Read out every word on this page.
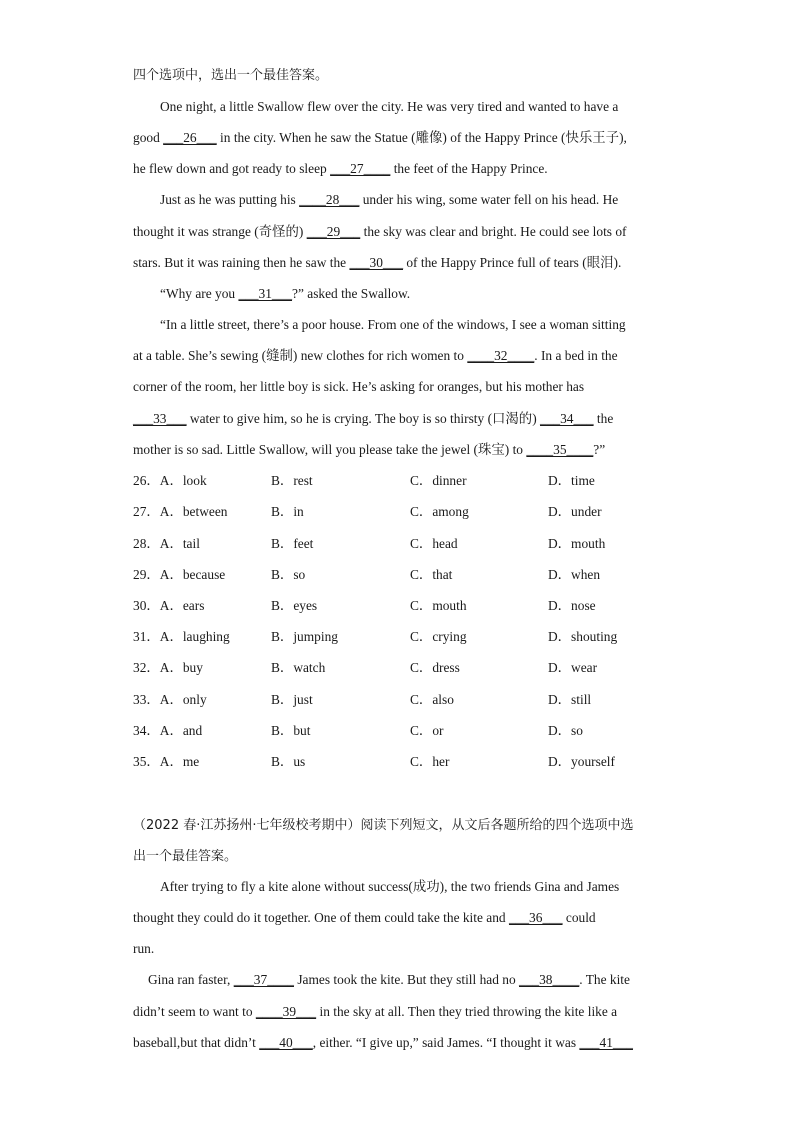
四个选项中，选出一个最佳答案。
One night, a little Swallow flew over the city. He was very tired and wanted to have a
good ___26___ in the city. When he saw the Statue (雕像) of the Happy Prince (快乐王子),
he flew down and got ready to sleep ___27____ the feet of the Happy Prince.
Just as he was putting his ____28___ under his wing, some water fell on his head. He
thought it was strange (奇怪的) ___29___ the sky was clear and bright. He could see lots of
stars. But it was raining then he saw the ___30___ of the Happy Prince full of tears (眼泪).
“Why are you ___31___?” asked the Swallow.
“In a little street, there’s a poor house. From one of the windows, I see a woman sitting
at a table. She’s sewing (缝制) new clothes for rich women to ____32____. In a bed in the
corner of the room, her little boy is sick. He’s asking for oranges, but his mother has
___33___ water to give him, so he is crying. The boy is so thirsty (口渴的) ___34___ the
mother is so sad. Little Swallow, will you please take the jewel (珠宝) to ____35____?”
26．A．look	B．rest	C．dinner	D．time
27．A．between	B．in	C．among	D．under
28．A．tail	B．feet	C．head	D．mouth
29．A．because	B．so	C．that	D．when
30．A．ears	B．eyes	C．mouth	D．nose
31．A．laughing	B．jumping	C．crying	D．shouting
32．A．buy	B．watch	C．dress	D．wear
33．A．only	B．just	C．also	D．still
34．A．and	B．but	C．or	D．so
35．A．me	B．us	C．her	D．yourself
（2022 春·江苏扬州·七年级校考期中）阅读下列短文，从文后各题所给的四个选项中选
出一个最佳答案。
After trying to fly a kite alone without success(成功), the two friends Gina and James
thought they could do it together. One of them could take the kite and ___36___ could
run.
Gina ran faster, ___37____ James took the kite. But they still had no ___38____. The kite
didn’t seem to want to ____39___ in the sky at all. Then they tried throwing the kite like a
baseball,but that didn’t ___40___, either. “I give up,” said James. “I thought it was ___41___
